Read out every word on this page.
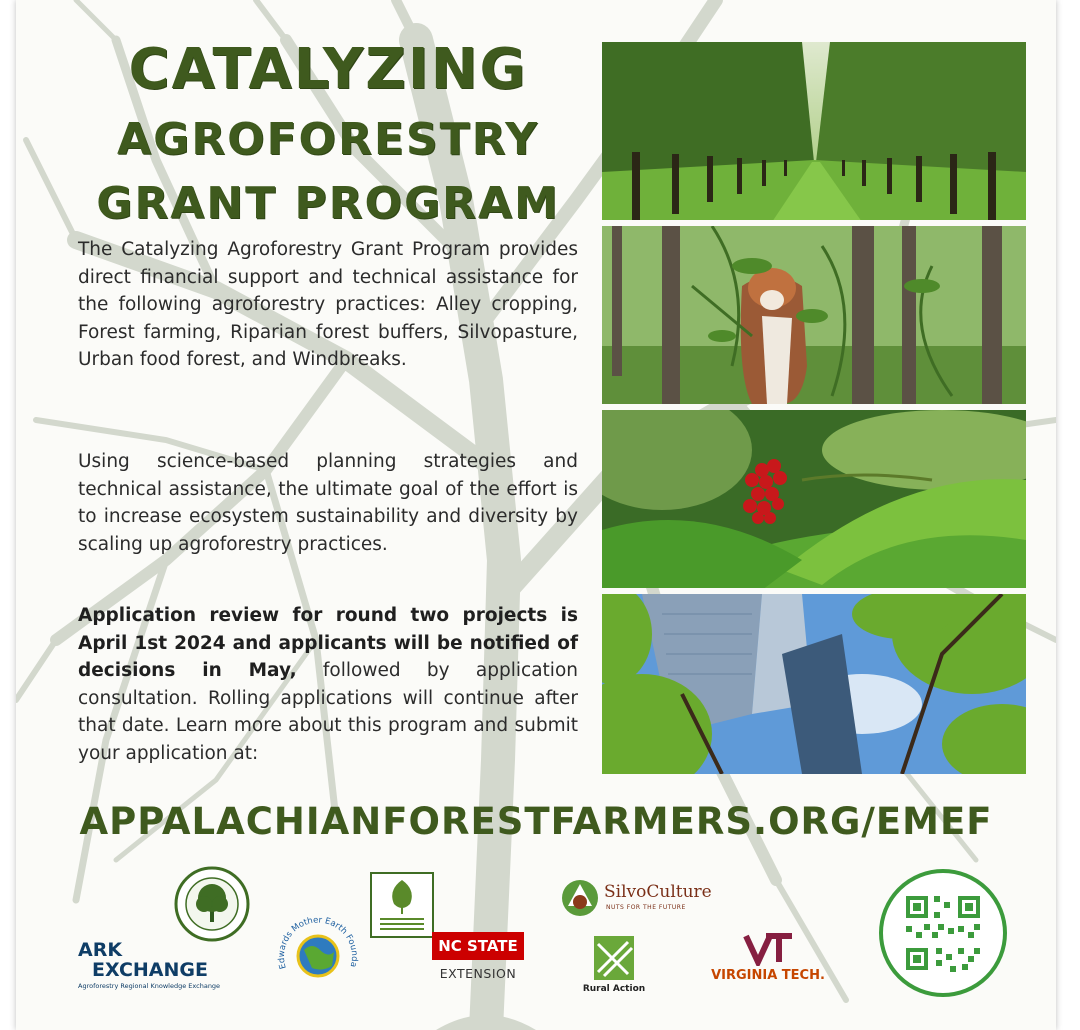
CATALYZING
AGROFORESTRY
GRANT PROGRAM

The Catalyzing Agroforestry Grant Program provides direct financial support and technical assistance for the following agroforestry practices: Alley cropping, Forest farming, Riparian forest buffers, Silvopasture, Urban food forest, and Windbreaks.

Using science-based planning strategies and technical assistance, the ultimate goal of the effort is to increase ecosystem sustainability and diversity by scaling up agroforestry practices.

Application review for round two projects is April 1st 2024 and applicants will be notified of decisions in May, followed by application consultation. Rolling applications will continue after that date. Learn more about this program and submit your application at:

APPALACHIANFORESTFARMERS.ORG/EMEF
ARK
EXCHANGE
Agroforestry Regional Knowledge Exchange
Edwards Mother Earth Founda
NC STATE
EXTENSION
SilvoCulture
NUTS FOR THE FUTURE
Rural Action
VIRGINIA TECH.
